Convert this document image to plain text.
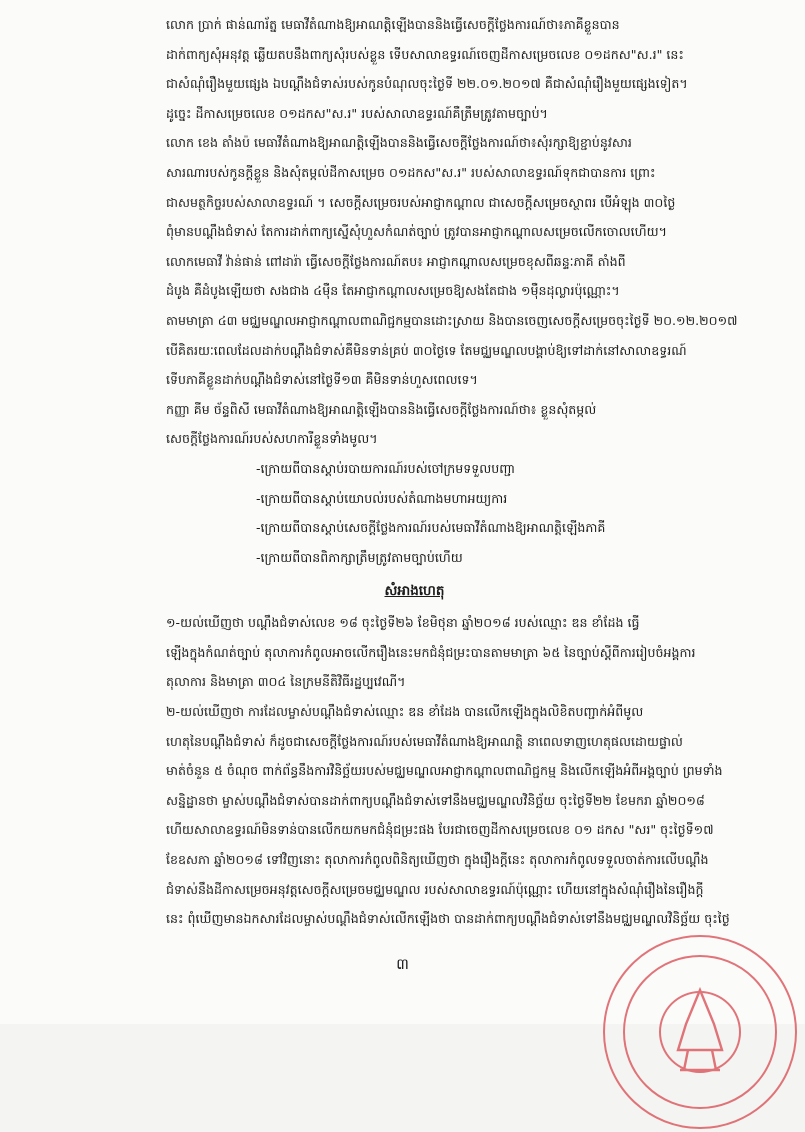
លោក ប្រាក់ ផាន់ណារ័ត្ន មេធាវីតំណាងឱ្យអាណត្តិឡើងបាននិងធ្វើសេចក្តីថ្លែងការណ៍ថា៖ភាគីខ្លួនបាន
ដាក់ពាក្យសុំអនុវត្ត ឆ្លើយតបនឹងពាក្យសុំរបស់ខ្លួន ទើបសាលាឧទ្ធរណ៍ចេញដីកាសម្រេចលេខ ០១ដកស"ស.រ" នេះ
ជាសំណុំរឿងមួយផ្សេង ឯបណ្តឹងជំទាស់របស់កូនបំណុលចុះថ្ងៃទី ២២.០១.២០១៧ គឺជាសំណុំរឿងមួយផ្សេងទៀត។
ដូច្នេះ ដីកាសម្រេចលេខ ០១ដកស"ស.រ" របស់សាលាឧទ្ធរណ៍គឺត្រឹមត្រូវតាមច្បាប់។

លោក ខេង តាំងប៉ មេធាវីតំណាងឱ្យអាណត្តិឡើងបាននិងធ្វើសេចក្តីថ្លែងការណ៍ថា៖សុំរក្សាឱ្យខ្ជាប់នូវសារ
សារណារបស់កូនក្តីខ្លួន និងសុំតម្កល់ដីកាសម្រេច ០១ដកស"ស.រ" របស់សាលាឧទ្ធរណ៍ទុកជាបានការ ព្រោះ
ជាសមត្ថកិច្ចរបស់សាលាឧទ្ធរណ៍ ។ សេចក្តីសម្រេចរបស់អាជ្ញាកណ្តាល ជាសេចក្តីសម្រេចស្ថាពរ បើអំឡុង ៣០ថ្ងៃ
ពុំមានបណ្តឹងជំទាស់ តែការដាក់ពាក្យស្នើសុំហួសកំណត់ច្បាប់ ត្រូវបានអាជ្ញាកណ្តាលសម្រេចលើកចោលហើយ។

លោកមេធាវី វ៉ាន់ផាន់ ពៅដារ៉ា ធ្វើសេចក្តីថ្លែងការណ៍តប៖ អាជ្ញាកណ្តាលសម្រេចខុសពីឆន្ទៈភាគី តាំងពី
ដំបូង គឺដំបូងឡើយថា សងជាង ៤ម៉ឺន តែអាជ្ញាកណ្តាលសម្រេចឱ្យសងតែជាង ១ម៉ឺនដុល្លារប៉ុណ្ណោះ។

តាមមាត្រា ៤៣ មជ្ឈមណ្ឌលអាជ្ញាកណ្តាលពាណិជ្ជកម្មបានដោះស្រាយ និងបានចេញសេចក្តីសម្រេចចុះថ្ងៃទី ២០.១២.២០១៧
បើគិតរយៈពេលដែលដាក់បណ្តឹងជំទាស់គឺមិនទាន់គ្រប់ ៣០ថ្ងៃទេ តែមជ្ឈមណ្ឌលបង្គាប់ឱ្យទៅដាក់នៅសាលាឧទ្ធរណ៍
ទើបភាគីខ្លួនដាក់បណ្តឹងជំទាស់នៅថ្ងៃទី១៣ គឺមិនទាន់ហួសពេលទេ។

កញ្ញា គីម ច័ន្ទពិសី មេធាវីតំណាងឱ្យអាណត្តិឡើងបាននិងធ្វើសេចក្តីថ្លែងការណ៍ថា៖ ខ្លួនសុំតម្កល់
សេចក្តីថ្លែងការណ៍របស់សហការីខ្លួនទាំងមូល។

-ក្រោយពីបានស្តាប់របាយការណ៍របស់ចៅក្រមទទួលបញ្ជា
-ក្រោយពីបានស្តាប់យោបល់របស់តំណាងមហាអយ្យការ
-ក្រោយពីបានស្តាប់សេចក្តីថ្លែងការណ៍របស់មេធាវីតំណាងឱ្យអាណត្តិឡើងភាគី
-ក្រោយពីបានពិភាក្សាត្រឹមត្រូវតាមច្បាប់ហើយ
សំអាងហេតុ

១-យល់ឃើញថា បណ្តឹងជំទាស់លេខ ១៨ ចុះថ្ងៃទី២៦ ខែមិថុនា ឆ្នាំ២០១៨ របស់ឈ្មោះ ឌន ខាំដែង ធ្វើ
ឡើងក្នុងកំណត់ច្បាប់ តុលាការកំពូលអាចលើករឿងនេះមកជំនុំជម្រះបានតាមមាត្រា ៦៥ នៃច្បាប់ស្តីពីការរៀបចំអង្គការ
តុលាការ និងមាត្រា ៣០៤ នៃក្រមនីតិវិធីរដ្ឋប្បវេណី។

២-យល់ឃើញថា ការដែលម្ចាស់បណ្តឹងជំទាស់ឈ្មោះ ឌន ខាំដែង បានលើកឡើងក្នុងលិខិតបញ្ជាក់អំពីមូល
ហេតុនៃបណ្តឹងជំទាស់ ក៏ដូចជាសេចក្តីថ្លែងការណ៍របស់មេធាវីតំណាងឱ្យអាណត្តិ នាពេលទាញហេតុផលដោយផ្ទាល់
មាត់ចំនួន ៥ ចំណុច ពាក់ព័ន្ធនឹងការវិនិច្ឆ័យរបស់មជ្ឈមណ្ឌលអាជ្ញាកណ្តាលពាណិជ្ជកម្ម និងលើកឡើងអំពីអង្គច្បាប់ ព្រមទាំង
សន្និដ្ឋានថា ម្ចាស់បណ្តឹងជំទាស់បានដាក់ពាក្យបណ្តឹងជំទាស់ទៅនឹងមជ្ឈមណ្ឌលវិនិច្ឆ័យ ចុះថ្ងៃទី២២ ខែមករា ឆ្នាំ២០១៨
ហើយសាលាឧទ្ធរណ៍មិនទាន់បានលើកយកមកជំនុំជម្រះផង បែរជាចេញដីកាសម្រេចលេខ ០១ ដកស "សរ" ចុះថ្ងៃទី១៧
ខែឧសភា ឆ្នាំ២០១៨ ទៅវិញនោះ តុលាការកំពូលពិនិត្យឃើញថា ក្នុងរឿងក្តីនេះ តុលាការកំពូលទទួលចាត់ការលើបណ្តឹង
ជំទាស់នឹងដីកាសម្រេចអនុវត្តសេចក្តីសម្រេចមជ្ឈមណ្ឌល របស់សាលាឧទ្ធរណ៍ប៉ុណ្ណោះ ហើយនៅក្នុងសំណុំរឿងនៃរឿងក្តី
នេះ ពុំឃើញមានឯកសារដែលម្ចាស់បណ្តឹងជំទាស់លើកឡើងថា បានដាក់ពាក្យបណ្តឹងជំទាស់ទៅនឹងមជ្ឈមណ្ឌលវិនិច្ឆ័យ ចុះថ្ងៃ

៣
